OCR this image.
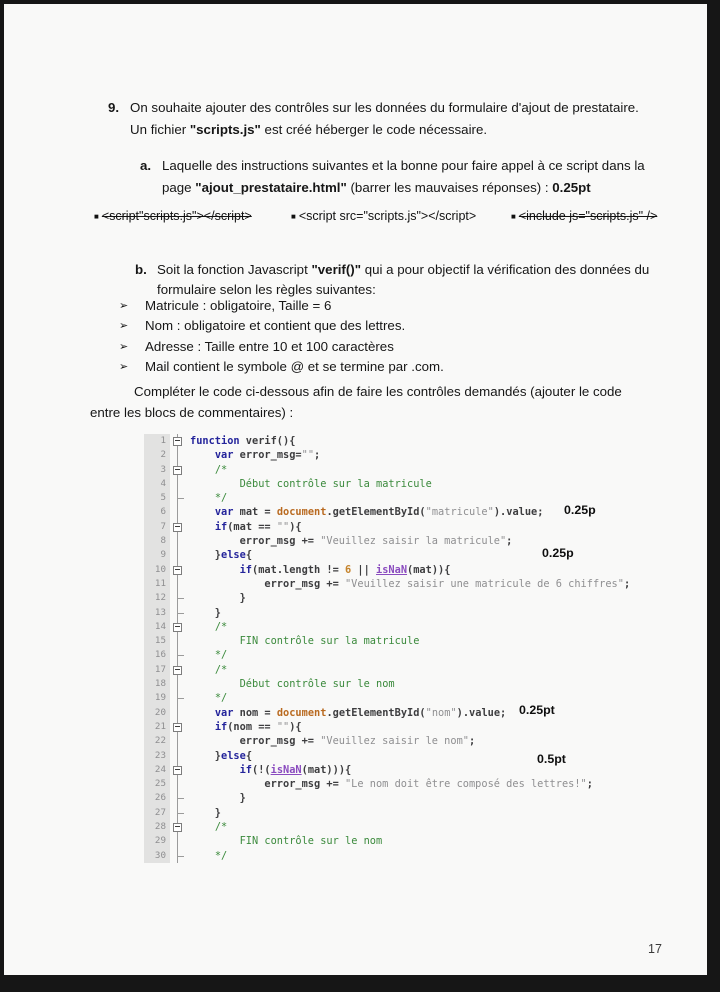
9. On souhaite ajouter des contrôles sur les données du formulaire d'ajout de prestataire. Un fichier "scripts.js" est créé héberger le code nécessaire.
a. Laquelle des instructions suivantes et la bonne pour faire appel à ce script dans la page "ajout_prestataire.html" (barrer les mauvaises réponses) : 0.25pt
■ <script"scripts.js"></script>	■ <script src="scripts.js"></script>	■ <include js="scripts.js" />
b. Soit la fonction Javascript "verif()" qui a pour objectif la vérification des données du formulaire selon les règles suivantes:
➢	Matricule : obligatoire, Taille = 6
➢	Nom : obligatoire et contient que des lettres.
➢	Adresse : Taille entre 10 et 100 caractères
➢	Mail contient le symbole @ et se termine par .com.
Compléter le code ci-dessous afin de faire les contrôles demandés (ajouter le code entre les blocs de commentaires) :
1	function verif(){
2	var error_msg="";
3	/*
4	Début contrôle sur la matricule
5	*/
6	var mat = document.getElementById("matricule").value;
7	if(mat == ""){
8	error_msg += "Veuillez saisir la matricule";
9	}else{
10	if(mat.length != 6 || isNaN(mat)){
11	error_msg += "Veuillez saisir une matricule de 6 chiffres";
12	}
13	}
14	/*
15	FIN contrôle sur la matricule
16	*/
17	/*
18	Début contrôle sur le nom
19	*/
20	var nom = document.getElementById("nom").value;
21	if(nom == ""){
22	error_msg += "Veuillez saisir le nom";
23	}else{
24	if(!(isNaN(mat))){
25	error_msg += "Le nom doit être composé des lettres!";
26	}
27	}
28	/*
29	FIN contrôle sur le nom
30	*/
0.25p
0.25p
0.25pt
0.5pt
17
